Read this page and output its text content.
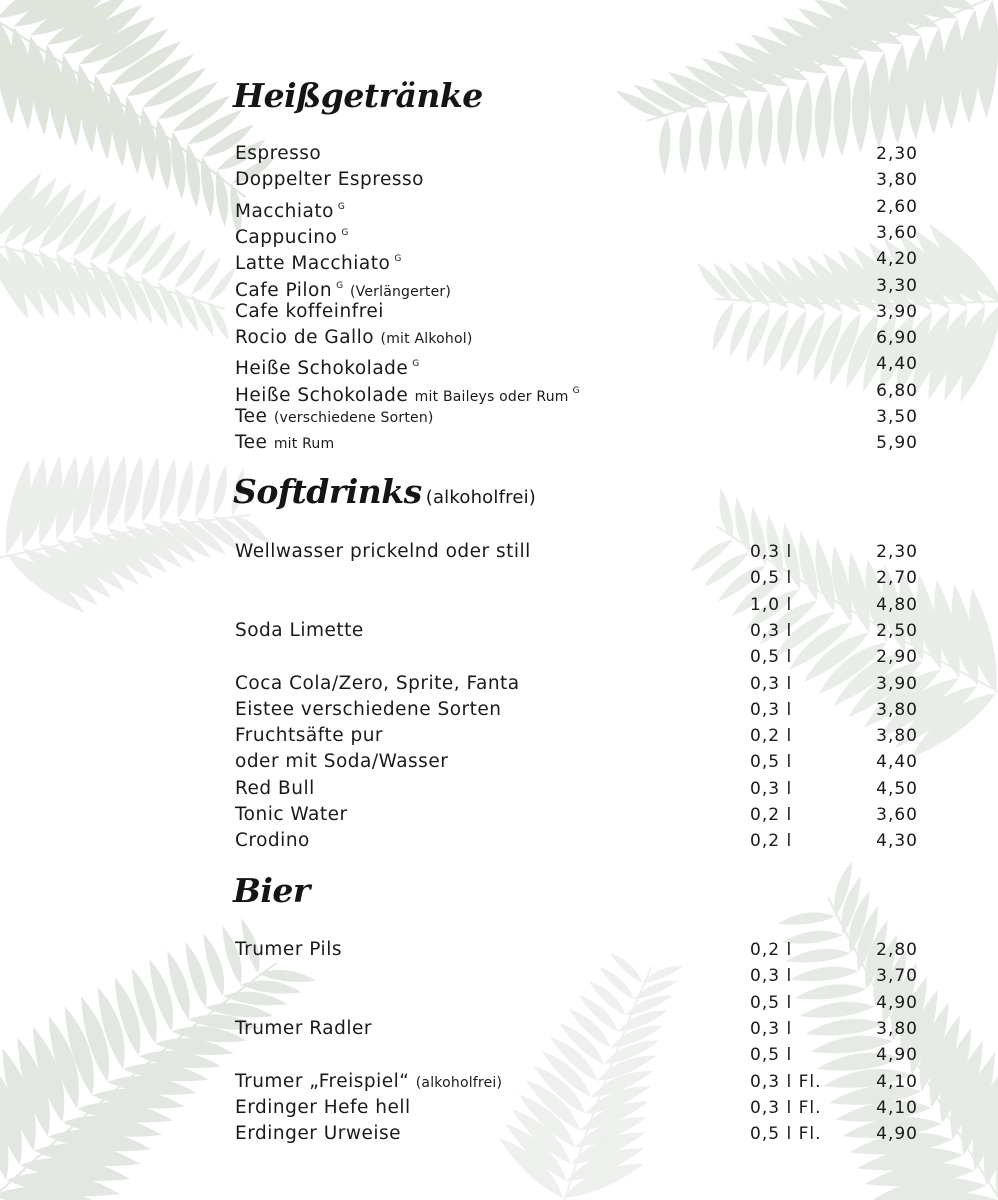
Heißgetränke
Espresso	2,30
Doppelter Espresso	3,80
Macchiato $^G$	2,60
Cappucino $^G$	3,60
Latte Macchiato $^G$	4,20
Cafe Pilon $^G$ (Verlängerter)	3,30
Cafe koffeinfrei	3,90
Rocio de Gallo (mit Alkohol)	6,90
Heiße Schokolade $^G$	4,40
Heiße Schokolade mit Baileys oder Rum $^G$	6,80
Tee (verschiedene Sorten)	3,50
Tee mit Rum	5,90
Softdrinks (alkoholfrei)
Wellwasser prickelnd oder still	0,3 l	2,30
0,5 l	2,70
1,0 l	4,80
Soda Limette	0,3 l	2,50
0,5 l	2,90
Coca Cola/Zero, Sprite, Fanta	0,3 l	3,90
Eistee verschiedene Sorten	0,3 l	3,80
Fruchtsäfte pur	0,2 l	3,80
oder mit Soda/Wasser	0,5 l	4,40
Red Bull	0,3 l	4,50
Tonic Water	0,2 l	3,60
Crodino	0,2 l	4,30
Bier
Trumer Pils	0,2 l	2,80
0,3 l	3,70
0,5 l	4,90
Trumer Radler	0,3 l	3,80
0,5 l	4,90
Trumer „Freispiel“ (alkoholfrei)	0,3 l Fl.	4,10
Erdinger Hefe hell	0,3 l Fl.	4,10
Erdinger Urweise	0,5 l Fl.	4,90
